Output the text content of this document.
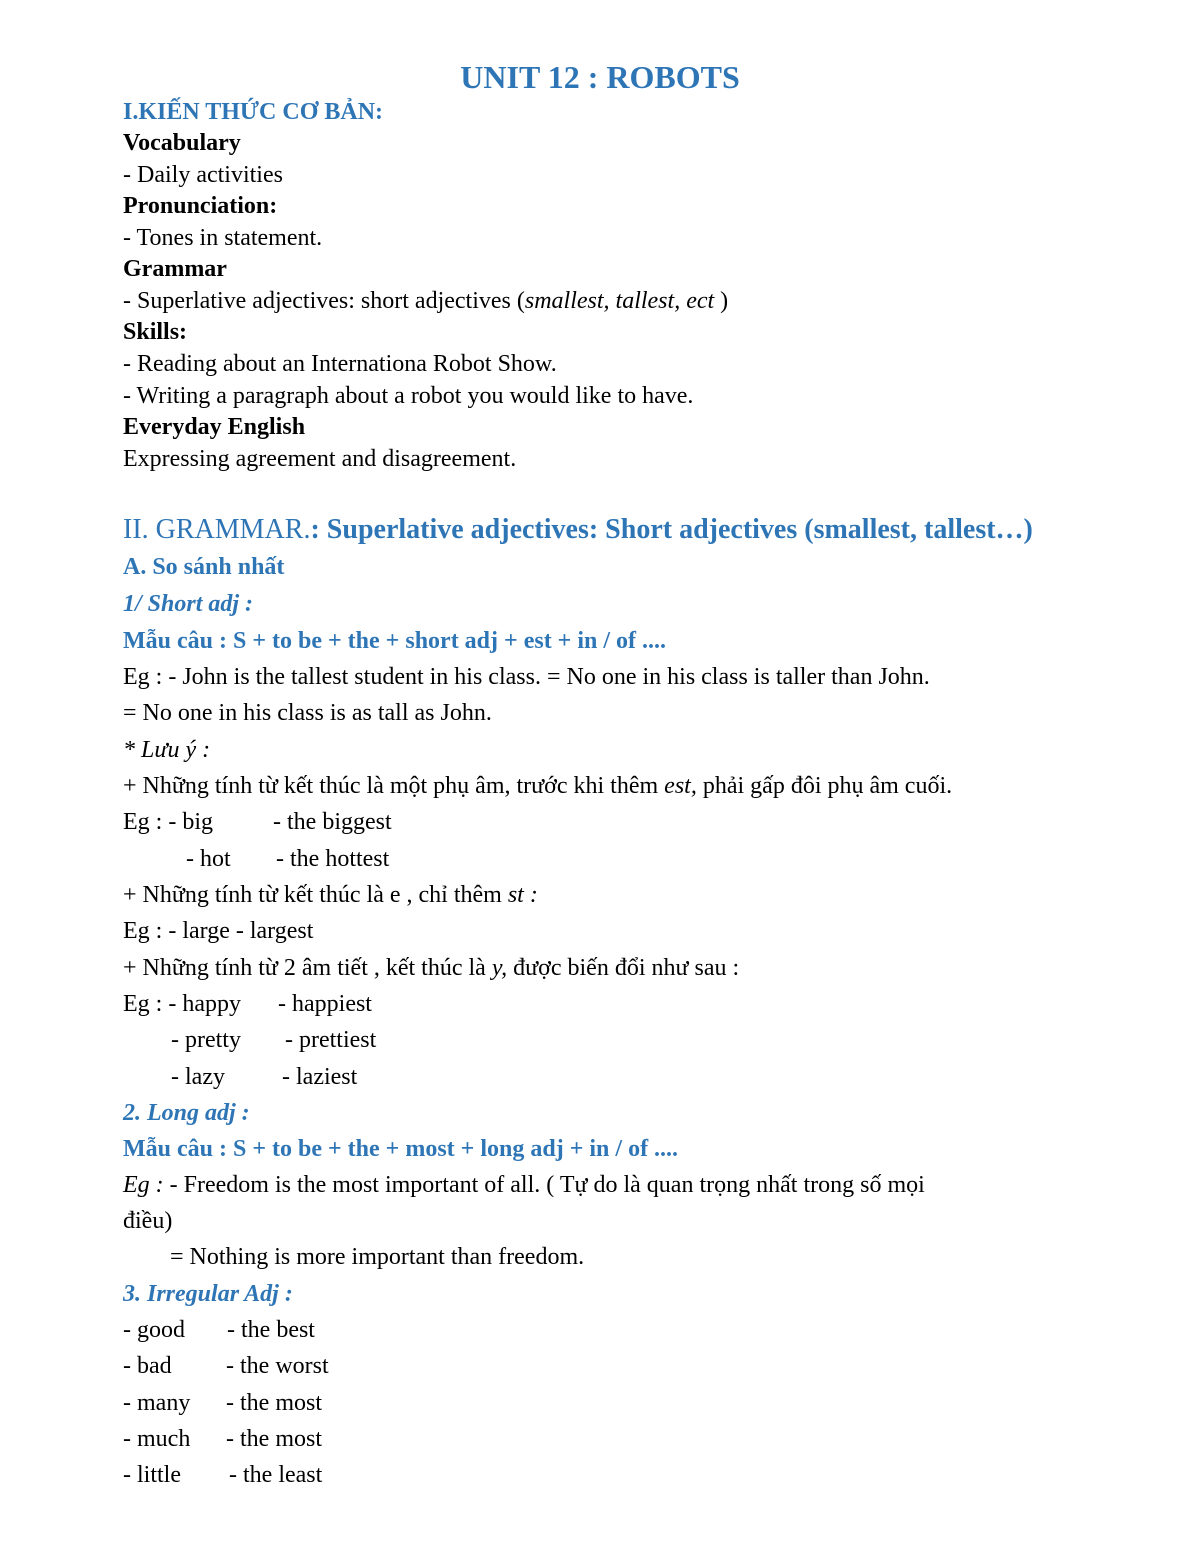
UNIT 12 : ROBOTS

I.KIẾN THỨC CƠ BẢN:

Vocabulary

- Daily activities

Pronunciation:

- Tones in statement.

Grammar

- Superlative adjectives: short adjectives (smallest, tallest, ect )

Skills:

- Reading about an Internationa Robot Show.

- Writing a paragraph about a robot you would like to have.

Everyday English

Expressing agreement and disagreement.

II. GRAMMAR.: Superlative adjectives: Short adjectives (smallest, tallest…)

A. So sánh nhất

1/ Short adj :

Mẫu câu : S + to be + the + short adj + est + in / of ....

Eg : - John is the tallest student in his class. = No one in his class is taller than John.

= No one in his class is as tall as John.

* Lưu ý :

+ Những tính từ kết thúc là một phụ âm, trước khi thêm est, phải gấp đôi phụ âm cuối.

Eg : - big	- the biggest

- hot - the hottest

+ Những tính từ kết thúc là e , chỉ thêm st :

Eg : - large - largest

+ Những tính từ 2 âm tiết , kết thúc là y, được biến đổi như sau :

Eg : - happy - happiest

- pretty - prettiest

- lazy - laziest

2. Long adj :

Mẫu câu : S + to be + the + most + long adj + in / of ....

Eg : - Freedom is the most important of all. ( Tự do là quan trọng nhất trong số mọi

điều)

= Nothing is more important than freedom.

3. Irregular Adj :

- good - the best

- bad - the worst

- many - the most

- much - the most

- little - the least
